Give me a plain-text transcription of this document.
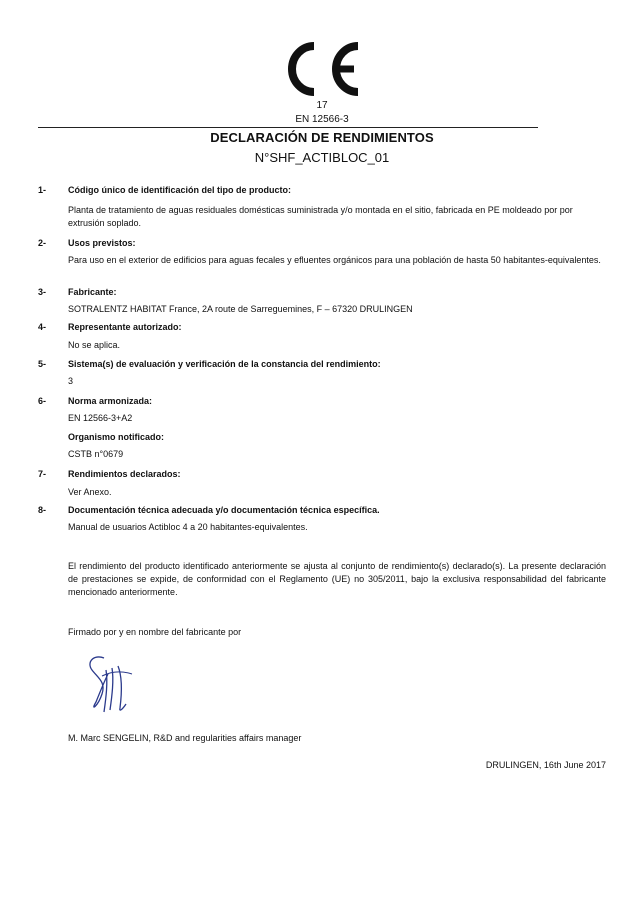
17
EN 12566-3
DECLARACIÓN DE RENDIMIENTOS
N°SHF_ACTIBLOC_01
1- Código único de identificación del tipo de producto:
Planta de tratamiento de aguas residuales domésticas suministrada y/o montada en el sitio, fabricada en PE moldeado por por extrusión soplado.
2- Usos previstos:
Para uso en el exterior de edificios para aguas fecales y efluentes orgánicos para una población de hasta 50 habitantes-equivalentes.
3- Fabricante:
SOTRALENTZ HABITAT France, 2A route de Sarreguemines, F – 67320 DRULINGEN
4- Representante autorizado:
No se aplica.
5- Sistema(s) de evaluación y verificación de la constancia del rendimiento:
3
6- Norma armonizada:
EN 12566-3+A2
Organismo notificado:
CSTB n°0679
7- Rendimientos declarados:
Ver Anexo.
8- Documentación técnica adecuada y/o documentación técnica específica.
Manual de usuarios Actibloc 4 a 20 habitantes-equivalentes.
El rendimiento del producto identificado anteriormente se ajusta al conjunto de rendimiento(s) declarado(s). La presente declaración de prestaciones se expide, de conformidad con el Reglamento (UE) no 305/2011, bajo la exclusiva responsabilidad del fabricante mencionado anteriormente.
Firmado por y en nombre del fabricante por
M. Marc SENGELIN, R&D and regularities affairs manager
DRULINGEN, 16th June 2017
